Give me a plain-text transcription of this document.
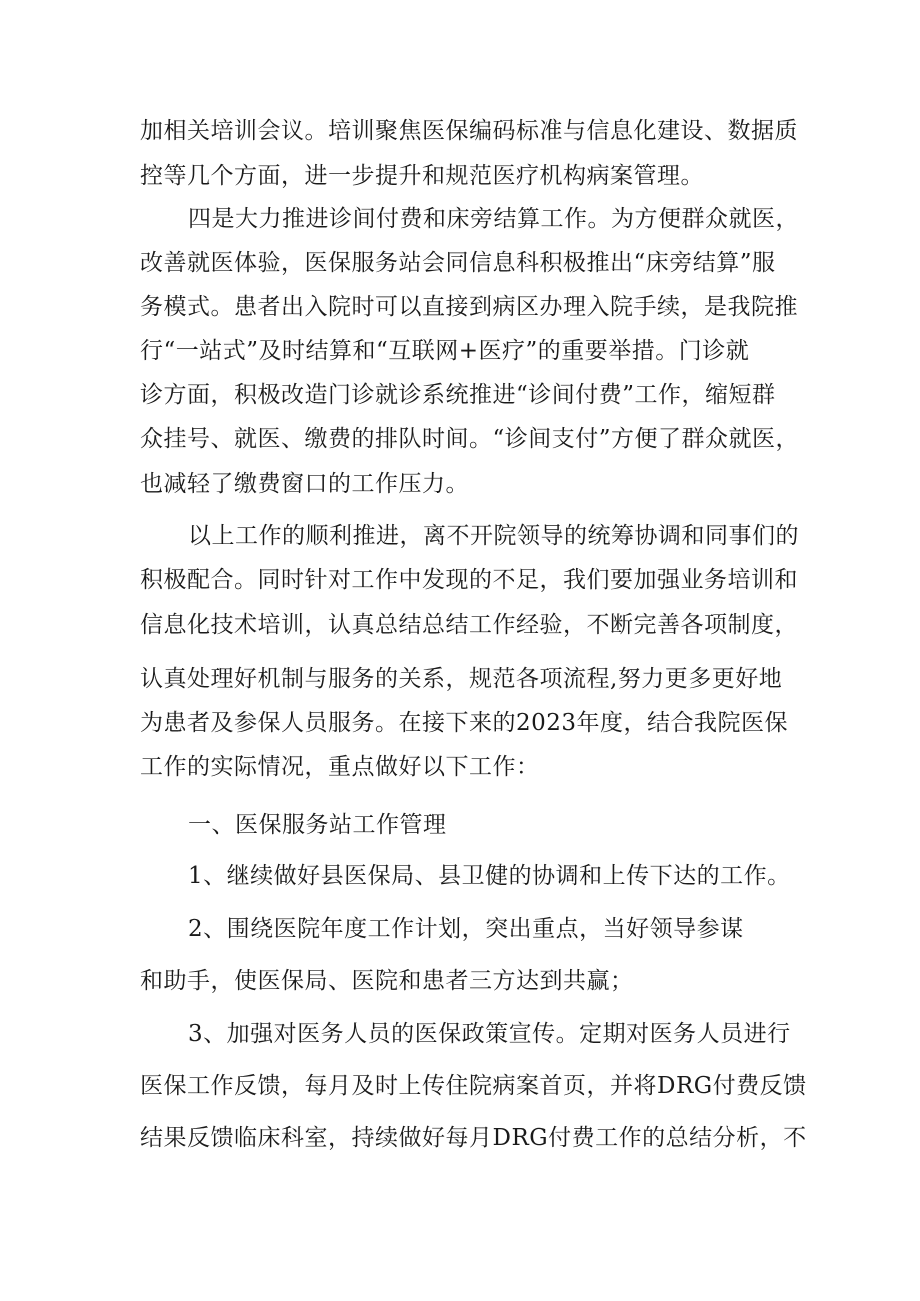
加相关培训会议。培训聚焦医保编码标准与信息化建设、数据质
控等几个方面，进一步提升和规范医疗机构病案管理。
四是大力推进诊间付费和床旁结算工作。为方便群众就医，
改善就医体验，医保服务站会同信息科积极推出“床旁结算”服
务模式。患者出入院时可以直接到病区办理入院手续，是我院推
行“一站式”及时结算和“互联网+医疗”的重要举措。门诊就
诊方面，积极改造门诊就诊系统推进“诊间付费”工作，缩短群
众挂号、就医、缴费的排队时间。“诊间支付”方便了群众就医，
也减轻了缴费窗口的工作压力。
以上工作的顺利推进，离不开院领导的统筹协调和同事们的
积极配合。同时针对工作中发现的不足，我们要加强业务培训和
信息化技术培训，认真总结总结工作经验，不断完善各项制度，
认真处理好机制与服务的关系，规范各项流程,努力更多更好地
为患者及参保人员服务。在接下来的2023年度，结合我院医保
工作的实际情况，重点做好以下工作：
一、医保服务站工作管理
1、继续做好县医保局、县卫健的协调和上传下达的工作。
2、围绕医院年度工作计划，突出重点，当好领导参谋
和助手，使医保局、医院和患者三方达到共赢；
3、加强对医务人员的医保政策宣传。定期对医务人员进行
医保工作反馈，每月及时上传住院病案首页，并将DRG付费反馈
结果反馈临床科室，持续做好每月DRG付费工作的总结分析，不
